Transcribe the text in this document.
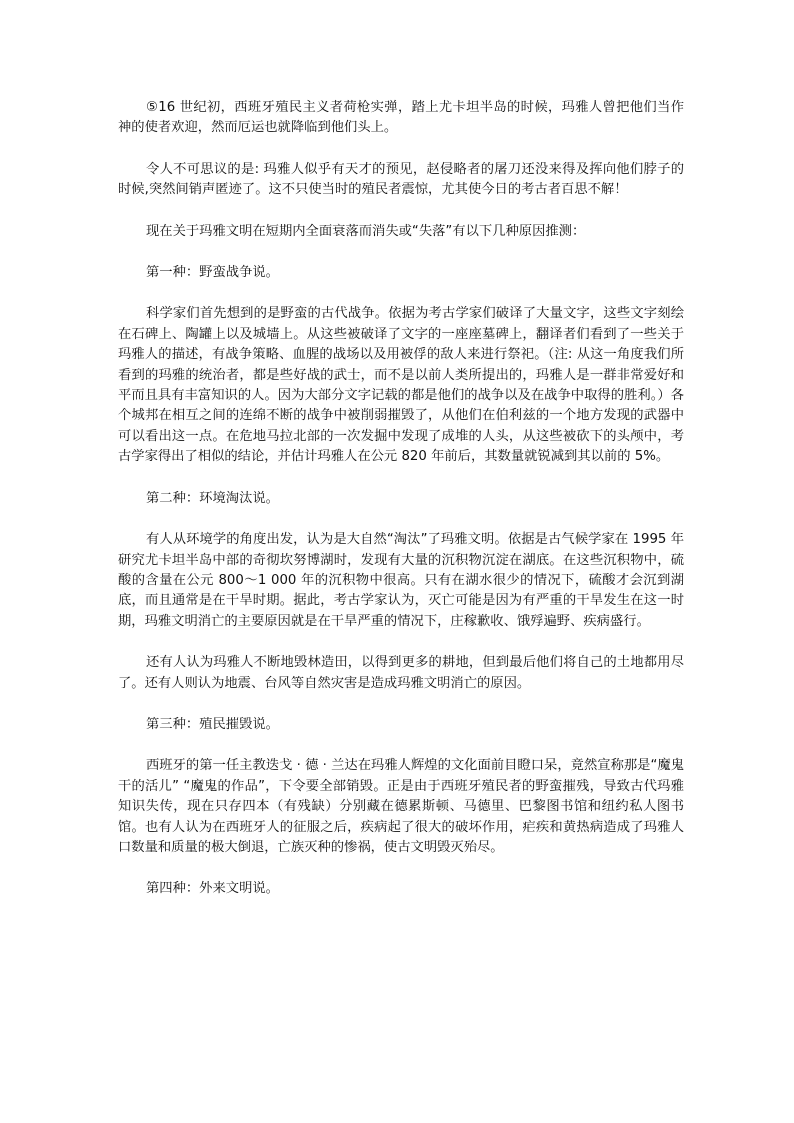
⑤16 世纪初，西班牙殖民主义者荷枪实弹，踏上尤卡坦半岛的时候，玛雅人曾把他们当作神的使者欢迎，然而厄运也就降临到他们头上。

令人不可思议的是: 玛雅人似乎有天才的预见，赵侵略者的屠刀还没来得及挥向他们脖子的时候,突然间销声匿迹了。这不只使当时的殖民者震惊，尤其使今日的考古者百思不解！

现在关于玛雅文明在短期内全面衰落而消失或“失落”有以下几种原因推测：

第一种：野蛮战争说。

科学家们首先想到的是野蛮的古代战争。依据为考古学家们破译了大量文字，这些文字刻绘在石碑上、陶罐上以及城墙上。从这些被破译了文字的一座座墓碑上，翻译者们看到了一些关于玛雅人的描述，有战争策略、血腥的战场以及用被俘的敌人来进行祭祀。（注: 从这一角度我们所看到的玛雅的统治者，都是些好战的武士，而不是以前人类所提出的，玛雅人是一群非常爱好和平而且具有丰富知识的人。因为大部分文字记载的都是他们的战争以及在战争中取得的胜利。）各个城邦在相互之间的连绵不断的战争中被削弱摧毁了，从他们在伯利兹的一个地方发现的武器中可以看出这一点。在危地马拉北部的一次发掘中发现了成堆的人头，从这些被砍下的头颅中，考古学家得出了相似的结论，并估计玛雅人在公元 820 年前后，其数量就锐减到其以前的 5%。

第二种：环境淘汰说。

有人从环境学的角度出发，认为是大自然“淘汰”了玛雅文明。依据是古气候学家在 1995 年研究尤卡坦半岛中部的奇彻坎努博湖时，发现有大量的沉积物沉淀在湖底。在这些沉积物中，硫酸的含量在公元 800～1 000 年的沉积物中很高。只有在湖水很少的情况下，硫酸才会沉到湖底，而且通常是在干旱时期。据此，考古学家认为，灭亡可能是因为有严重的干旱发生在这一时期，玛雅文明消亡的主要原因就是在干旱严重的情况下，庄稼歉收、饿殍遍野、疾病盛行。

还有人认为玛雅人不断地毁林造田，以得到更多的耕地，但到最后他们将自己的土地都用尽了。还有人则认为地震、台风等自然灾害是造成玛雅文明消亡的原因。

第三种：殖民摧毁说。

西班牙的第一任主教迭戈 · 德 · 兰达在玛雅人辉煌的文化面前目瞪口呆，竟然宣称那是“魔鬼干的活儿” “魔鬼的作品”，下令要全部销毁。正是由于西班牙殖民者的野蛮摧残，导致古代玛雅知识失传，现在只存四本（有残缺）分别藏在德累斯顿、马德里、巴黎图书馆和纽约私人图书馆。也有人认为在西班牙人的征服之后，疾病起了很大的破坏作用，疟疾和黄热病造成了玛雅人口数量和质量的极大倒退，亡族灭种的惨祸，使古文明毁灭殆尽。

第四种：外来文明说。
